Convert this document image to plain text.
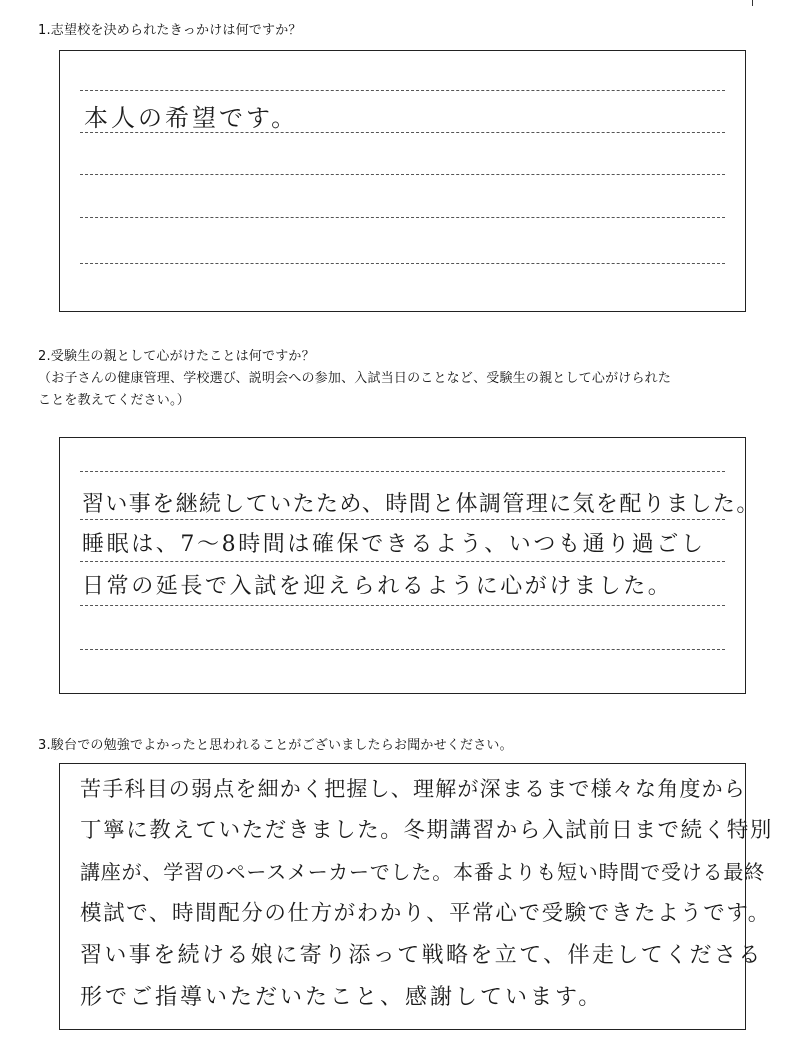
1.志望校を決められたきっかけは何ですか？
本人の希望です。
2.受験生の親として心がけたことは何ですか？
（お子さんの健康管理、学校選び、説明会への参加、入試当日のことなど、受験生の親として心がけられた
ことを教えてください。）
習い事を継続していたため、時間と体調管理に気を配りました。
睡眠は、7～8時間は確保できるよう、いつも通り過ごし
日常の延長で入試を迎えられるように心がけました。
3.駿台での勉強でよかったと思われることがございましたらお聞かせください。
苦手科目の弱点を細かく把握し、理解が深まるまで様々な角度から
丁寧に教えていただきました。冬期講習から入試前日まで続く特別
講座が、学習のペースメーカーでした。本番よりも短い時間で受ける最終
模試で、時間配分の仕方がわかり、平常心で受験できたようです。
習い事を続ける娘に寄り添って戦略を立て、伴走してくださる
形でご指導いただいたこと、感謝しています。
